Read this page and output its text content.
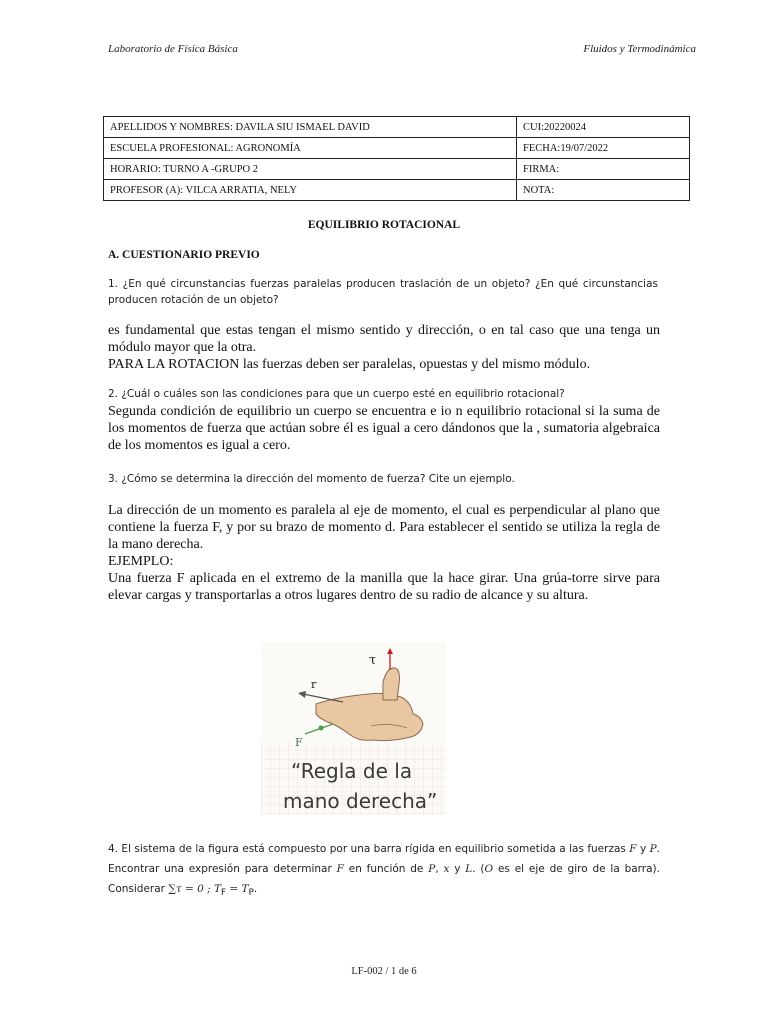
Laboratorio de Física Básica	Fluidos y Termodinámica
APELLIDOS Y NOMBRES: DAVILA SIU ISMAEL DAVID	CUI:20220024
ESCUELA PROFESIONAL: AGRONOMÍA	FECHA:19/07/2022
HORARIO: TURNO A -GRUPO 2	FIRMA:
PROFESOR (A): VILCA ARRATIA, NELY	NOTA:
EQUILIBRIO ROTACIONAL
A. CUESTIONARIO PREVIO
1. ¿En qué circunstancias fuerzas paralelas producen traslación de un objeto? ¿En qué circunstancias producen rotación de un objeto?
es fundamental que estas tengan el mismo sentido y dirección, o en tal caso que una tenga un módulo mayor que la otra.
PARA LA ROTACION las fuerzas deben ser paralelas, opuestas y del mismo módulo.
2. ¿Cuál o cuáles son las condiciones para que un cuerpo esté en equilibrio rotacional?
Segunda condición de equilibrio un cuerpo se encuentra e io n equilibrio rotacional si la suma de los momentos de fuerza que actúan sobre él es igual a cero dándonos que la , sumatoria algebraica de los momentos es igual a cero.
3. ¿Cómo se determina la dirección del momento de fuerza? Cite un ejemplo.
La dirección de un momento es paralela al eje de momento, el cual es perpendicular al plano que contiene la fuerza F, y por su brazo de momento d. Para establecer el sentido se utiliza la regla de la mano derecha.
EJEMPLO:
Una fuerza F aplicada en el extremo de la manilla que la hace girar. Una grúa-torre sirve para elevar cargas y transportarlas a otros lugares dentro de su radio de alcance y su altura.
τ
r
F
“Regla de la
mano derecha”
4. El sistema de la figura está compuesto por una barra rígida en equilibrio sometida a las fuerzas F y P. Encontrar una expresión para determinar F en función de P, x y L. (O es el eje de giro de la barra). Considerar ∑τ = 0 ; $T_F = T_P$.
LF-002 / 1 de 6
